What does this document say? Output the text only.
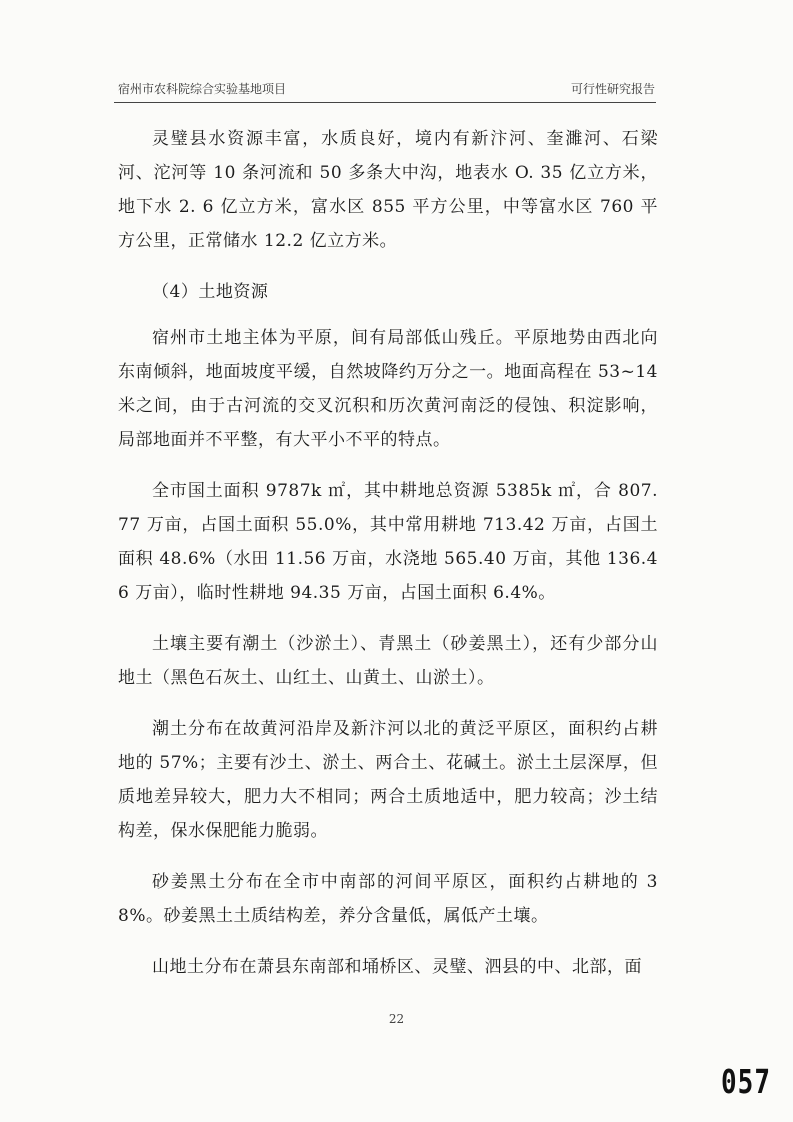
宿州市农科院综合实验基地项目	可行性研究报告

灵璧县水资源丰富，水质良好，境内有新汴河、奎濉河、石梁河、沱河等 10 条河流和 50 多条大中沟，地表水 O. 35 亿立方米，地下水 2. 6 亿立方米，富水区 855 平方公里，中等富水区 760 平方公里，正常储水 12.2 亿立方米。

（4）土地资源

宿州市土地主体为平原，间有局部低山残丘。平原地势由西北向东南倾斜，地面坡度平缓，自然坡降约万分之一。地面高程在 53~14 米之间，由于古河流的交叉沉积和历次黄河南泛的侵蚀、积淀影响，局部地面并不平整，有大平小不平的特点。

全市国土面积 9787k ㎡，其中耕地总资源 5385k ㎡，合 807.77 万亩，占国土面积 55.0%，其中常用耕地 713.42 万亩，占国土面积 48.6%（水田 11.56 万亩，水浇地 565.40 万亩，其他 136.46 万亩），临时性耕地 94.35 万亩，占国土面积 6.4%。

土壤主要有潮土（沙淤土）、青黑土（砂姜黑土），还有少部分山地土（黑色石灰土、山红土、山黄土、山淤土）。

潮土分布在故黄河沿岸及新汴河以北的黄泛平原区，面积约占耕地的 57%；主要有沙土、淤土、两合土、花碱土。淤土土层深厚，但质地差异较大，肥力大不相同；两合土质地适中，肥力较高；沙土结构差，保水保肥能力脆弱。

砂姜黑土分布在全市中南部的河间平原区，面积约占耕地的 38%。砂姜黑土土质结构差，养分含量低，属低产土壤。

山地土分布在萧县东南部和埇桥区、灵璧、泗县的中、北部，面

22
057
